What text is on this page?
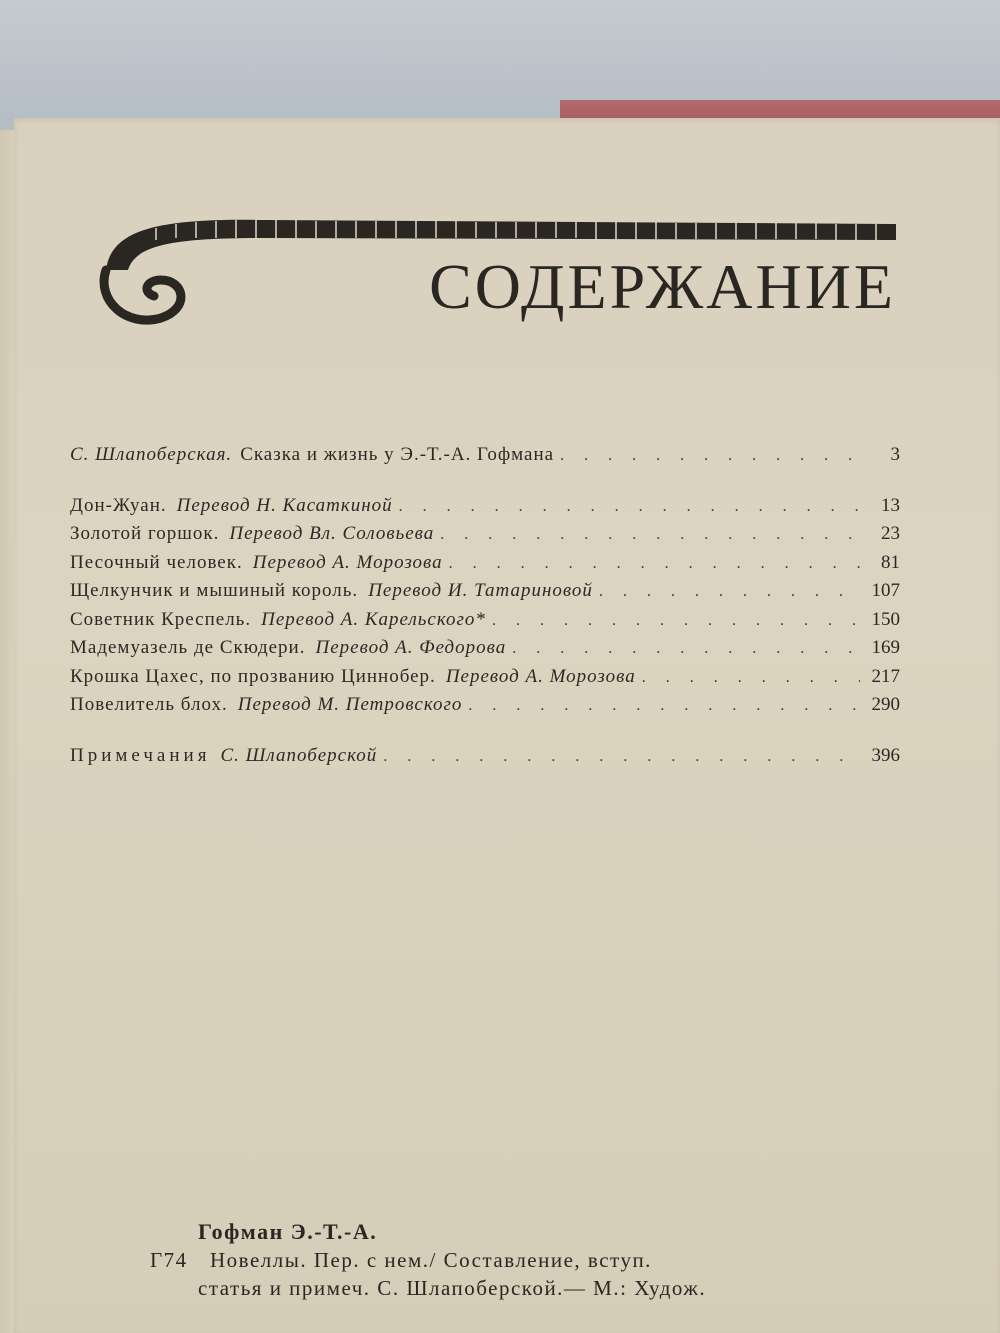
СОДЕРЖАНИЕ
С. Шлапоберская. Сказка и жизнь у Э.-Т.-А. Гофмана . . .	3
Дон-Жуан. Перевод Н. Касаткиной . . .	13
Золотой горшок. Перевод Вл. Соловьева . . .	23
Песочный человек. Перевод А. Морозова . . .	81
Щелкунчик и мышиный король. Перевод И. Татариновой . . .	107
Советник Креспель. Перевод А. Карельского* . . .	150
Мадемуазель де Скюдери. Перевод А. Федорова . . .	169
Крошка Цахес, по прозванию Циннобер. Перевод А. Морозова . . .	217
Повелитель блох. Перевод М. Петровского . . .	290
Примечания С. Шлапоберской . . .	396
Гофман Э.-Т.-А.
Г74 Новеллы. Пер. с нем./ Составление, вступ.
статья и примеч. С. Шлапоберской.— М.: Худож.
